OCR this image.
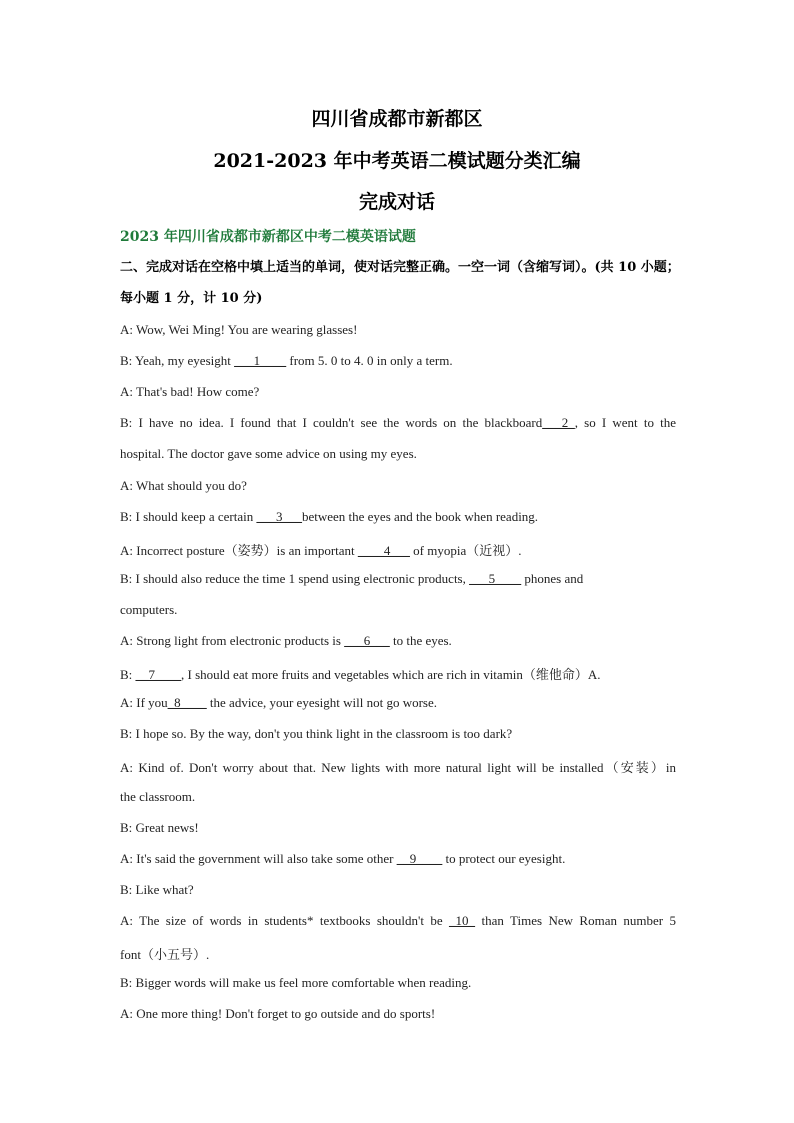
四川省成都市新都区
2021-2023 年中考英语二模试题分类汇编
完成对话
2023 年四川省成都市新都区中考二模英语试题
二、完成对话在空格中填上适当的单词，使对话完整正确。一空一词（含缩写词）。(共 10 小题；每小题 1 分，计 10 分)
A: Wow, Wei Ming! You are wearing glasses!
B: Yeah, my eyesight ___1____ from 5. 0 to 4. 0 in only a term.
A: That's bad! How come?
B: I have no idea. I found that I couldn't see the words on the blackboard___2_, so I went to the
hospital. The doctor gave some advice on using my eyes.
A: What should you do?
B: I should keep a certain ___3___between the eyes and the book when reading.
A: Incorrect posture（姿势）is an important ____4___ of myopia（近视）.
B: I should also reduce the time 1 spend using electronic products, ___5____ phones and
computers.
A: Strong light from electronic products is ___6___ to the eyes.
B: __7____, I should eat more fruits and vegetables which are rich in vitamin（维他命）A.
A: If you_8____ the advice, your eyesight will not go worse.
B: I hope so. By the way, don't you think light in the classroom is too dark?
A: Kind of. Don't worry about that. New lights with more natural light will be installed（安装）in
the classroom.
B: Great news!
A: It's said the government will also take some other __9____ to protect our eyesight.
B: Like what?
A: The size of words in students* textbooks shouldn't be _10_ than Times New Roman number 5
font（小五号）.
B: Bigger words will make us feel more comfortable when reading.
A: One more thing! Don't forget to go outside and do sports!
